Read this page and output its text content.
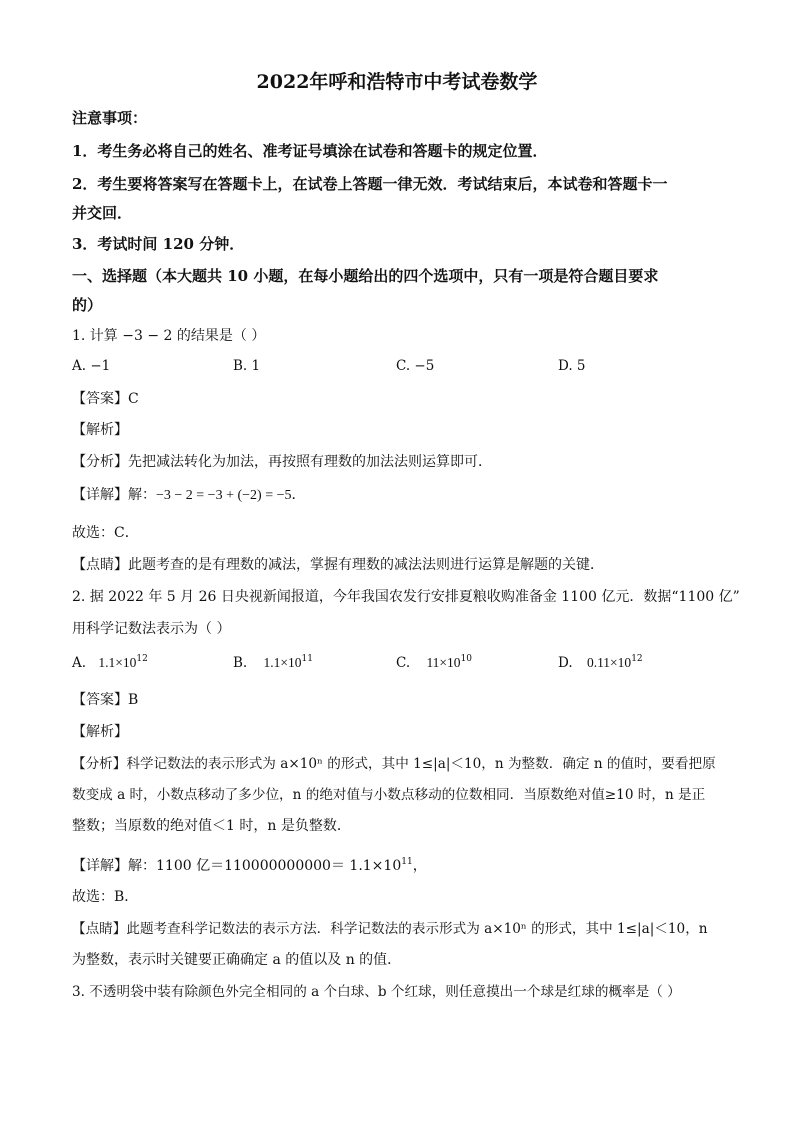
2022年呼和浩特市中考试卷数学
注意事项：
1．考生务必将自己的姓名、准考证号填涂在试卷和答题卡的规定位置．
2．考生要将答案写在答题卡上，在试卷上答题一律无效．考试结束后，本试卷和答题卡一
并交回．
3．考试时间 120 分钟．
一、选择题（本大题共 10 小题，在每小题给出的四个选项中，只有一项是符合题目要求
的）
1. 计算 −3 − 2 的结果是（ ）
A. −1	B. 1	C. −5	D. 5
【答案】C
【解析】
【分析】先把减法转化为加法，再按照有理数的加法法则运算即可．
【详解】解：−3 − 2 = −3 + (−2) = −5．
故选：C．
【点睛】此题考查的是有理数的减法，掌握有理数的减法法则进行运算是解题的关键．
2. 据 2022 年 5 月 26 日央视新闻报道，今年我国农发行安排夏粮收购准备金 1100 亿元．数据“1100 亿”
用科学记数法表示为（ ）
A. $1.1\times 10^{12}$	B. $1.1\times 10^{11}$	C. $11\times 10^{10}$	D. $0.11\times 10^{12}$
【答案】B
【解析】
【分析】科学记数法的表示形式为 a×10ⁿ 的形式，其中 1≤|a|＜10，n 为整数．确定 n 的值时，要看把原
数变成 a 时，小数点移动了多少位，n 的绝对值与小数点移动的位数相同．当原数绝对值≥10 时，n 是正
整数；当原数的绝对值＜1 时，n 是负整数．
【详解】解：1100 亿$=110000000000= 1.1\times 10^{11}$，
故选：B．
【点睛】此题考查科学记数法的表示方法．科学记数法的表示形式为 a×10ⁿ 的形式，其中 1≤|a|＜10，n
为整数，表示时关键要正确确定 a 的值以及 n 的值．
3. 不透明袋中装有除颜色外完全相同的 a 个白球、b 个红球，则任意摸出一个球是红球的概率是（ ）
